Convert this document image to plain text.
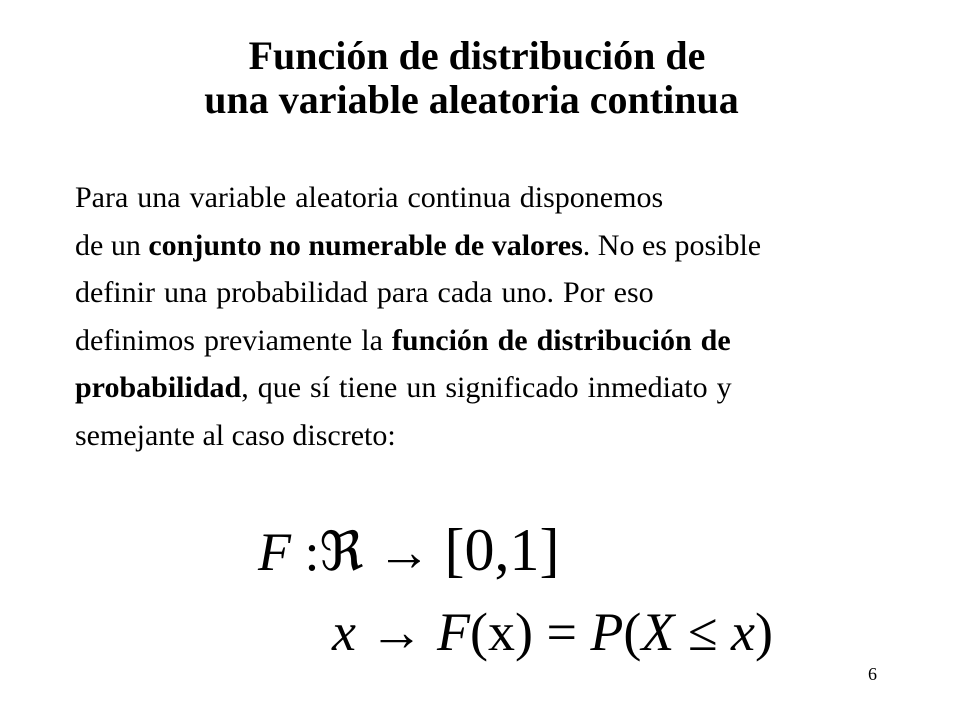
Función de distribución de
una variable aleatoria continua
Para una variable aleatoria continua disponemos
de un conjunto no numerable de valores. No es posible
definir una probabilidad para cada uno. Por eso
definimos previamente la función de distribución de
probabilidad, que sí tiene un significado inmediato y
semejante al caso discreto:
F :ℜ → [0,1]
x → F(x) = P(X ≤ x)
6
